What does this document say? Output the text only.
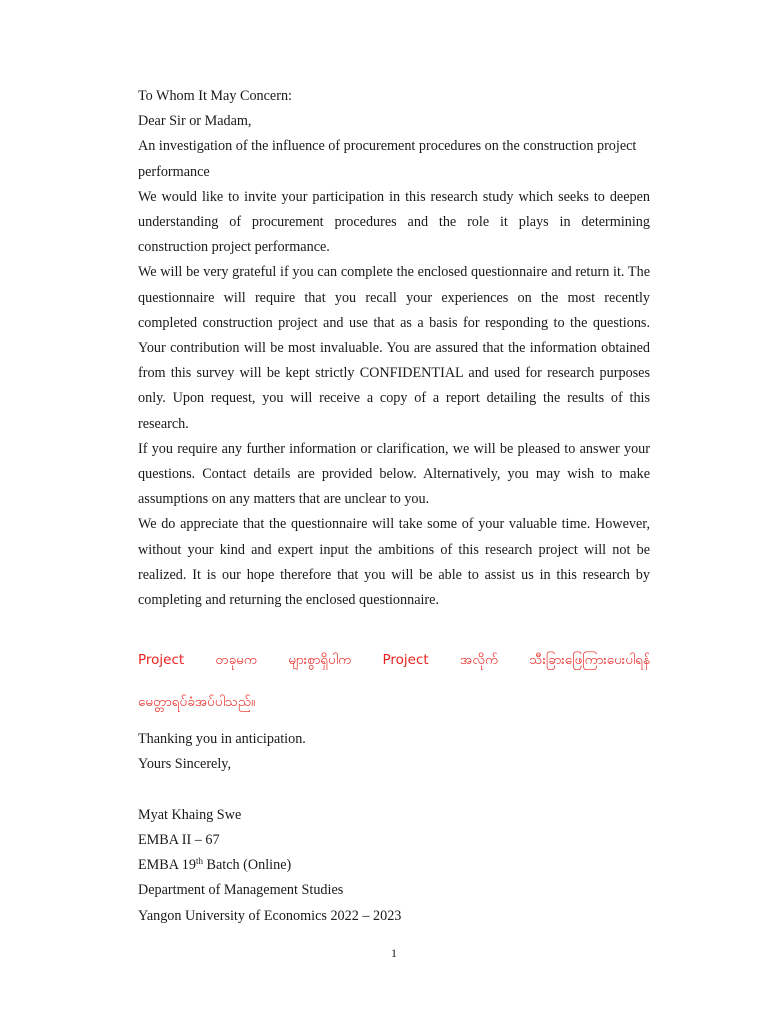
To Whom It May Concern:

Dear Sir or Madam,

An investigation of the influence of procurement procedures on the construction project performance

We would like to invite your participation in this research study which seeks to deepen understanding of procurement procedures and the role it plays in determining construction project performance.

We will be very grateful if you can complete the enclosed questionnaire and return it. The questionnaire will require that you recall your experiences on the most recently completed construction project and use that as a basis for responding to the questions. Your contribution will be most invaluable. You are assured that the information obtained from this survey will be kept strictly CONFIDENTIAL and used for research purposes only. Upon request, you will receive a copy of a report detailing the results of this research.

If you require any further information or clarification, we will be pleased to answer your questions. Contact details are provided below. Alternatively, you may wish to make assumptions on any matters that are unclear to you.

We do appreciate that the questionnaire will take some of your valuable time. However, without your kind and expert input the ambitions of this research project will not be realized. It is our hope therefore that you will be able to assist us in this research by completing and returning the enclosed questionnaire.

Project တခုမက များစွာရှိပါက Project အလိုက် သီးခြားဖြေကြားပေးပါရန်
မေတ္တာရပ်ခံအပ်ပါသည်။

Thanking you in anticipation.

Yours Sincerely,

Myat Khaing Swe

EMBA II – 67

EMBA 19th Batch (Online)

Department of Management Studies

Yangon University of Economics 2022 – 2023

1
